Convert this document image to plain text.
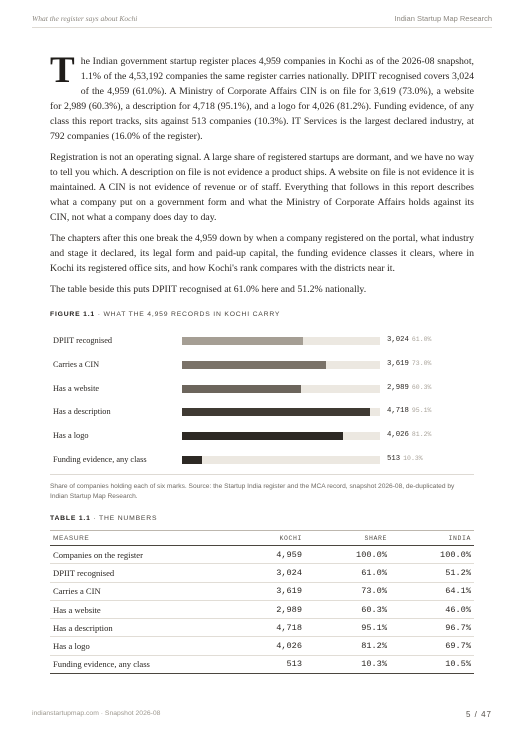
What the register says about Kochi	Indian Startup Map Research

The Indian government startup register places 4,959 companies in Kochi as of the 2026-08 snapshot, 1.1% of the 4,53,192 companies the same register carries nationally. DPIIT recognised covers 3,024 of the 4,959 (61.0%). A Ministry of Corporate Affairs CIN is on file for 3,619 (73.0%), a website for 2,989 (60.3%), a description for 4,718 (95.1%), and a logo for 4,026 (81.2%). Funding evidence, of any class this report tracks, sits against 513 companies (10.3%). IT Services is the largest declared industry, at 792 companies (16.0% of the register).

Registration is not an operating signal. A large share of registered startups are dormant, and we have no way to tell you which. A description on file is not evidence a product ships. A website on file is not evidence it is maintained. A CIN is not evidence of revenue or of staff. Everything that follows in this report describes what a company put on a government form and what the Ministry of Corporate Affairs holds against its CIN, not what a company does day to day.

The chapters after this one break the 4,959 down by when a company registered on the portal, what industry and stage it declared, its legal form and paid-up capital, the funding evidence classes it clears, where in Kochi its registered office sits, and how Kochi's rank compares with the districts near it.

The table beside this puts DPIIT recognised at 61.0% here and 51.2% nationally.

FIGURE 1.1 · WHAT THE 4,959 RECORDS IN KOCHI CARRY
DPIIT recognised	3,024 61.0%
Carries a CIN	3,619 73.0%
Has a website	2,989 60.3%
Has a description	4,718 95.1%
Has a logo	4,026 81.2%
Funding evidence, any class	513 10.3%
Share of companies holding each of six marks. Source: the Startup India register and the MCA record, snapshot 2026-08, de-duplicated by Indian Startup Map Research.
TABLE 1.1 · THE NUMBERS
MEASURE	KOCHI	SHARE	INDIA
Companies on the register	4,959	100.0%	100.0%
DPIIT recognised	3,024	61.0%	51.2%
Carries a CIN	3,619	73.0%	64.1%
Has a website	2,989	60.3%	46.0%
Has a description	4,718	95.1%	96.7%
Has a logo	4,026	81.2%	69.7%
Funding evidence, any class	513	10.3%	10.5%
indianstartupmap.com · Snapshot 2026-08	5 / 47
